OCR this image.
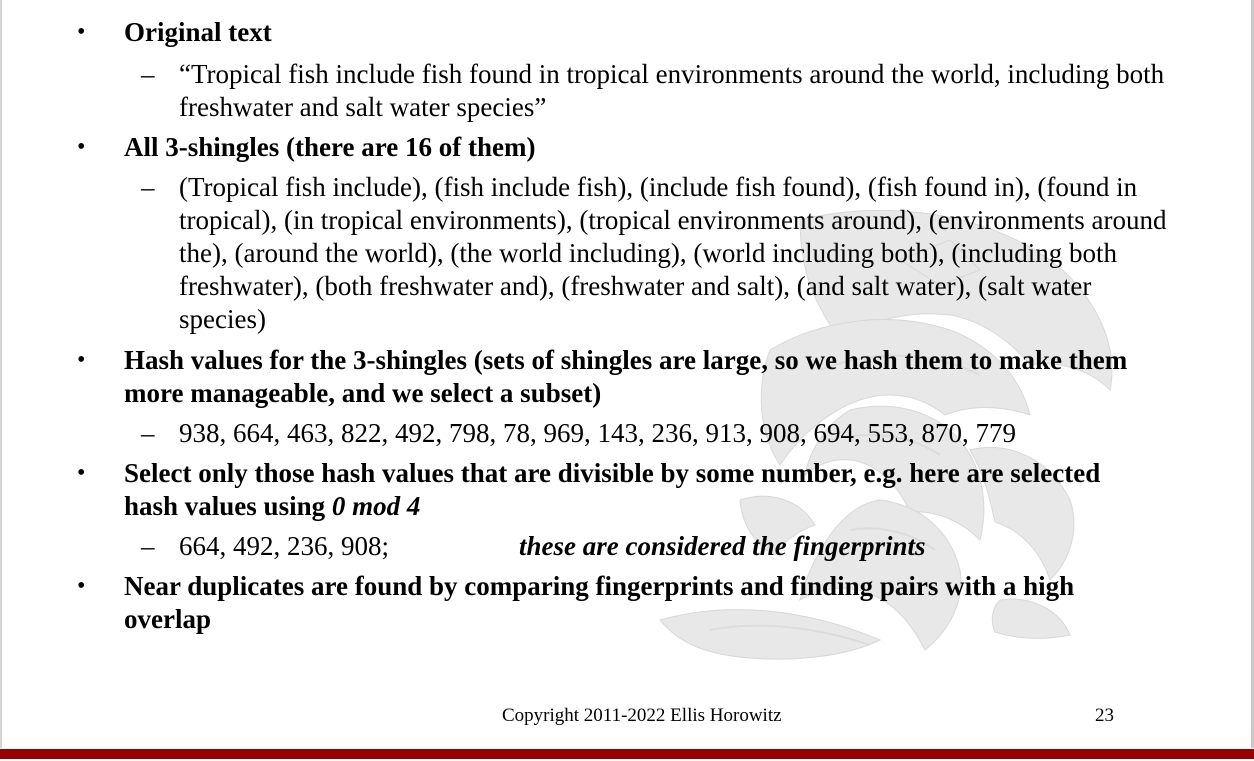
• Original text
– “Tropical fish include fish found in tropical environments around the world, including both freshwater and salt water species”
• All 3-shingles (there are 16 of them)
– (Tropical fish include), (fish include fish), (include fish found), (fish found in), (found in tropical), (in tropical environments), (tropical environments around), (environments around the), (around the world), (the world including), (world including both), (including both freshwater), (both freshwater and), (freshwater and salt), (and salt water), (salt water species)
• Hash values for the 3-shingles (sets of shingles are large, so we hash them to make them more manageable, and we select a subset)
– 938, 664, 463, 822, 492, 798, 78, 969, 143, 236, 913, 908, 694, 553, 870, 779
• Select only those hash values that are divisible by some number, e.g. here are selected hash values using 0 mod 4
– 664, 492, 236, 908;	these are considered the fingerprints
• Near duplicates are found by comparing fingerprints and finding pairs with a high overlap
Copyright 2011-2022 Ellis Horowitz	23
